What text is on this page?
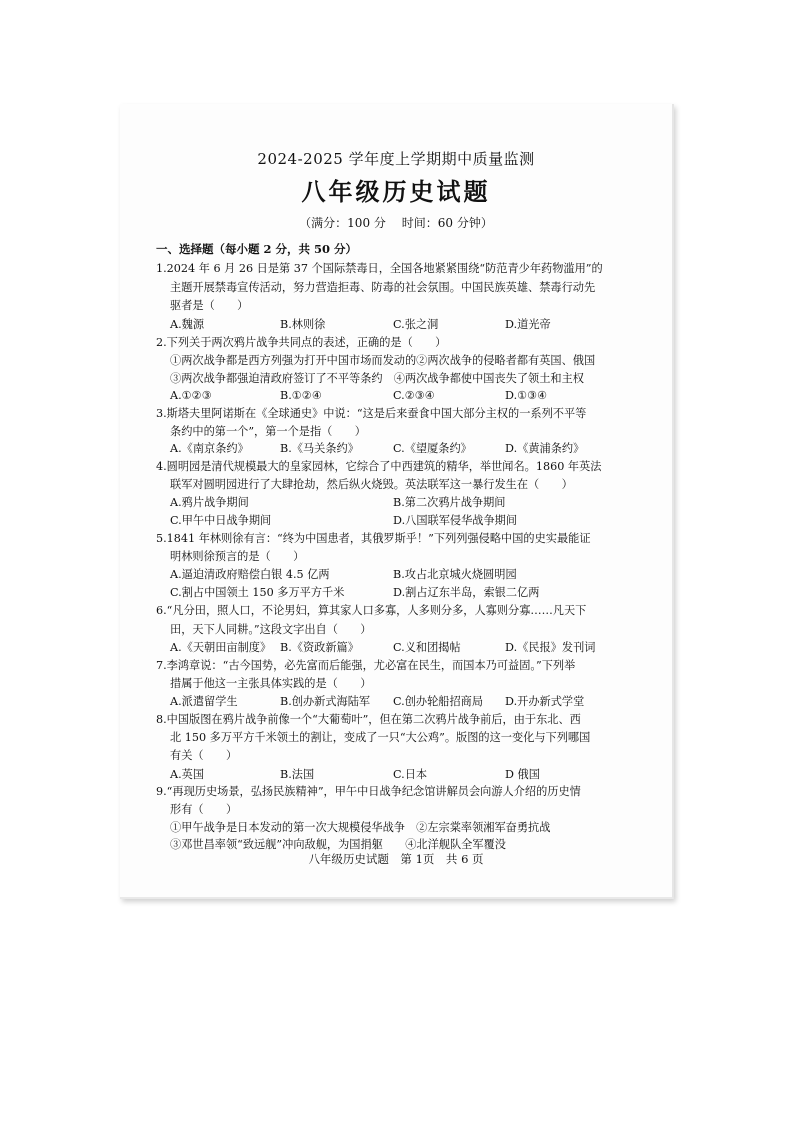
2024-2025 学年度上学期期中质量监测
八年级历史试题
（满分：100 分 时间：60 分钟）
一、选择题（每小题 2 分，共 50 分）
1.2024 年 6 月 26 日是第 37 个国际禁毒日，全国各地紧紧围绕“防范青少年药物滥用”的
主题开展禁毒宣传活动，努力营造拒毒、防毒的社会氛围。中国民族英雄、禁毒行动先
驱者是（　　）
A.魏源	B.林则徐	C.张之洞	D.道光帝
2.下列关于两次鸦片战争共同点的表述，正确的是（　　）
①两次战争都是西方列强为打开中国市场而发动的②两次战争的侵略者都有英国、俄国
③两次战争都强迫清政府签订了不平等条约　④两次战争都使中国丧失了领土和主权
A.①②③	B.①②④	C.②③④	D.①③④
3.斯塔夫里阿诺斯在《全球通史》中说：“这是后来蚕食中国大部分主权的一系列不平等
条约中的第一个”，第一个是指（　　）
A.《南京条约》	B.《马关条约》	C.《望厦条约》	D.《黄浦条约》
4.圆明园是清代规模最大的皇家园林，它综合了中西建筑的精华，举世闻名。1860 年英法
联军对圆明园进行了大肆抢劫，然后纵火烧毁。英法联军这一暴行发生在（　　）
A.鸦片战争期间	B.第二次鸦片战争期间
C.甲午中日战争期间	D.八国联军侵华战争期间
5.1841 年林则徐有言：“终为中国患者，其俄罗斯乎！”下列列强侵略中国的史实最能证
明林则徐预言的是（　　）
A.逼迫清政府赔偿白银 4.5 亿两	B.攻占北京城火烧圆明园
C.割占中国领土 150 多万平方千米	D.割占辽东半岛，索银二亿两
6.“凡分田，照人口，不论男妇，算其家人口多寡，人多则分多，人寡则分寡……凡天下
田，天下人同耕。”这段文字出自（　　）
A.《天朝田亩制度》 B.《资政新篇》	C.义和团揭帖	D.《民报》发刊词
7.李鸿章说：“古今国势，必先富而后能强，尤必富在民生，而国本乃可益固。”下列举
措属于他这一主张具体实践的是（　　）
A.派遣留学生	B.创办新式海陆军 C.创办轮船招商局 D.开办新式学堂
8.中国版图在鸦片战争前像一个“大葡萄叶”，但在第二次鸦片战争前后，由于东北、西
北 150 多万平方千米领土的割让，变成了一只“大公鸡”。版图的这一变化与下列哪国
有关（　　）
A.英国	B.法国	C.日本	D 俄国
9.“再现历史场景，弘扬民族精神”，甲午中日战争纪念馆讲解员会向游人介绍的历史情
形有（　　）
①甲午战争是日本发动的第一次大规模侵华战争　②左宗棠率领湘军奋勇抗战
③邓世昌率领“致远舰”冲向敌舰，为国捐躯　　④北洋舰队全军覆没
八年级历史试题　第 1页　共 6 页
